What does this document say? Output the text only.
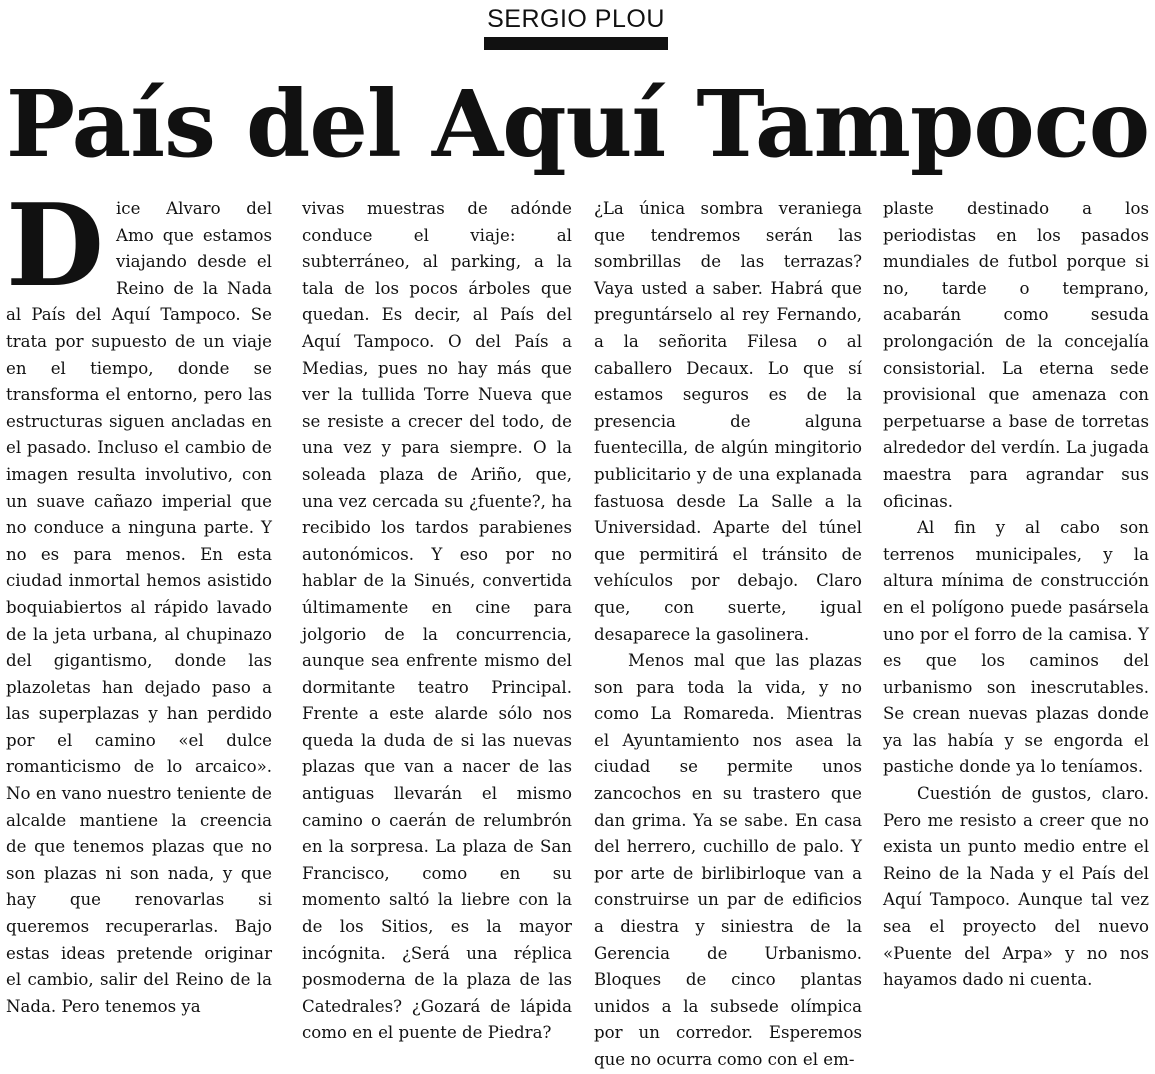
SERGIO PLOU
País del Aquí Tampoco

Dice Alvaro del Amo que estamos viajando desde el Reino de la Nada al País del Aquí Tampoco. Se trata por supuesto de un viaje en el tiempo, donde se transforma el entorno, pero las estructuras siguen ancladas en el pasado. Incluso el cambio de imagen resulta involutivo, con un suave cañazo imperial que no conduce a ninguna parte. Y no es para menos. En esta ciudad inmortal hemos asistido boquiabiertos al rápido lavado de la jeta urbana, al chupinazo del gigantismo, donde las plazoletas han dejado paso a las superplazas y han perdido por el camino «el dulce romanticismo de lo arcaico». No en vano nuestro teniente de alcalde mantiene la creencia de que tenemos plazas que no son plazas ni son nada, y que hay que renovarlas si queremos recuperarlas. Bajo estas ideas pretende originar el cambio, salir del Reino de la Nada. Pero tenemos ya

vivas muestras de adónde conduce el viaje: al subterráneo, al parking, a la tala de los pocos árboles que quedan. Es decir, al País del Aquí Tampoco. O del País a Medias, pues no hay más que ver la tullida Torre Nueva que se resiste a crecer del todo, de una vez y para siempre. O la soleada plaza de Ariño, que, una vez cercada su ¿fuente?, ha recibido los tardos parabienes autonómicos. Y eso por no hablar de la Sinués, convertida últimamente en cine para jolgorio de la concurrencia, aunque sea enfrente mismo del dormitante teatro Principal. Frente a este alarde sólo nos queda la duda de si las nuevas plazas que van a nacer de las antiguas llevarán el mismo camino o caerán de relumbrón en la sorpresa. La plaza de San Francisco, como en su momento saltó la liebre con la de los Sitios, es la mayor incógnita. ¿Será una réplica posmoderna de la plaza de las Catedrales? ¿Gozará de lápida como en el puente de Piedra?

¿La única sombra veraniega que tendremos serán las sombrillas de las terrazas? Vaya usted a saber. Habrá que preguntárselo al rey Fernando, a la señorita Filesa o al caballero Decaux. Lo que sí estamos seguros es de la presencia de alguna fuentecilla, de algún mingitorio publicitario y de una explanada fastuosa desde La Salle a la Universidad. Aparte del túnel que permitirá el tránsito de vehículos por debajo. Claro que, con suerte, igual desaparece la gasolinera.

Menos mal que las plazas son para toda la vida, y no como La Romareda. Mientras el Ayuntamiento nos asea la ciudad se permite unos zancochos en su trastero que dan grima. Ya se sabe. En casa del herrero, cuchillo de palo. Y por arte de birlibirloque van a construirse un par de edificios a diestra y siniestra de la Gerencia de Urbanismo. Bloques de cinco plantas unidos a la subsede olímpica por un corredor. Esperemos que no ocurra como con el em-

plaste destinado a los periodistas en los pasados mundiales de futbol porque si no, tarde o temprano, acabarán como sesuda prolongación de la concejalía consistorial. La eterna sede provisional que amenaza con perpetuarse a base de torretas alrededor del verdín. La jugada maestra para agrandar sus oficinas.

Al fin y al cabo son terrenos municipales, y la altura mínima de construcción en el polígono puede pasársela uno por el forro de la camisa. Y es que los caminos del urbanismo son inescrutables. Se crean nuevas plazas donde ya las había y se engorda el pastiche donde ya lo teníamos.

Cuestión de gustos, claro. Pero me resisto a creer que no exista un punto medio entre el Reino de la Nada y el País del Aquí Tampoco. Aunque tal vez sea el proyecto del nuevo «Puente del Arpa» y no nos hayamos dado ni cuenta.
